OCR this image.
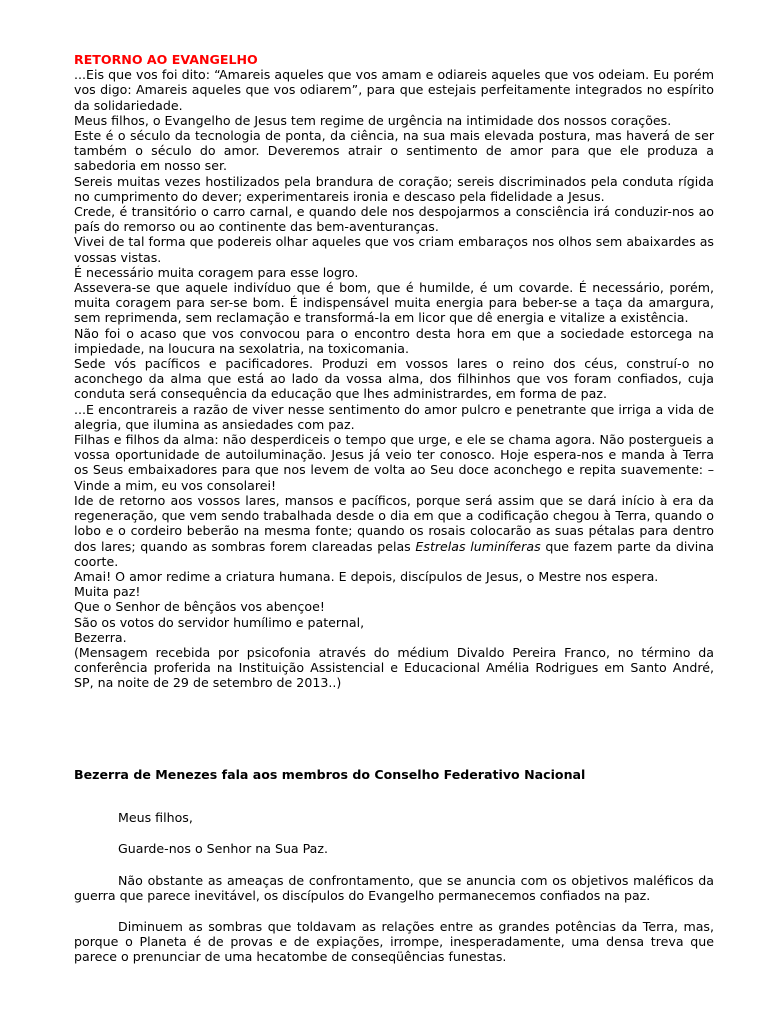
RETORNO AO EVANGELHO

...Eis que vos foi dito: “Amareis aqueles que vos amam e odiareis aqueles que vos odeiam. Eu porém vos digo: Amareis aqueles que vos odiarem”, para que estejais perfeitamente integrados no espírito da solidariedade.

Meus filhos, o Evangelho de Jesus tem regime de urgência na intimidade dos nossos corações.

Este é o século da tecnologia de ponta, da ciência, na sua mais elevada postura, mas haverá de ser também o século do amor. Deveremos atrair o sentimento de amor para que ele produza a sabedoria em nosso ser.

Sereis muitas vezes hostilizados pela brandura de coração; sereis discriminados pela conduta rígida no cumprimento do dever; experimentareis ironia e descaso pela fidelidade a Jesus.

Crede, é transitório o carro carnal, e quando dele nos despojarmos a consciência irá conduzir-nos ao país do remorso ou ao continente das bem-aventuranças.

Vivei de tal forma que podereis olhar aqueles que vos criam embaraços nos olhos sem abaixardes as vossas vistas.

É necessário muita coragem para esse logro.

Assevera-se que aquele indivíduo que é bom, que é humilde, é um covarde. É necessário, porém, muita coragem para ser-se bom. É indispensável muita energia para beber-se a taça da amargura, sem reprimenda, sem reclamação e transformá-la em licor que dê energia e vitalize a existência.

Não foi o acaso que vos convocou para o encontro desta hora em que a sociedade estorcega na impiedade, na loucura na sexolatria, na toxicomania.

Sede vós pacíficos e pacificadores. Produzi em vossos lares o reino dos céus, construí-o no aconchego da alma que está ao lado da vossa alma, dos filhinhos que vos foram confiados, cuja conduta será consequência da educação que lhes administrardes, em forma de paz.

...E encontrareis a razão de viver nesse sentimento do amor pulcro e penetrante que irriga a vida de alegria, que ilumina as ansiedades com paz.

Filhas e filhos da alma: não desperdiceis o tempo que urge, e ele se chama agora. Não postergueis a vossa oportunidade de autoiluminação. Jesus já veio ter conosco. Hoje espera-nos e manda à Terra os Seus embaixadores para que nos levem de volta ao Seu doce aconchego e repita suavemente: – Vinde a mim, eu vos consolarei!

Ide de retorno aos vossos lares, mansos e pacíficos, porque será assim que se dará início à era da regeneração, que vem sendo trabalhada desde o dia em que a codificação chegou à Terra, quando o lobo e o cordeiro beberão na mesma fonte; quando os rosais colocarão as suas pétalas para dentro dos lares; quando as sombras forem clareadas pelas Estrelas luminíferas que fazem parte da divina coorte.

Amai! O amor redime a criatura humana. E depois, discípulos de Jesus, o Mestre nos espera.

Muita paz!

Que o Senhor de bênçãos vos abençoe!

São os votos do servidor humílimo e paternal,

Bezerra.

(Mensagem recebida por psicofonia através do médium Divaldo Pereira Franco, no término da conferência proferida na Instituição Assistencial e Educacional Amélia Rodrigues em Santo André, SP, na noite de 29 de setembro de 2013..)

Bezerra de Menezes fala aos membros do Conselho Federativo Nacional

Meus filhos,

Guarde-nos o Senhor na Sua Paz.

Não obstante as ameaças de confrontamento, que se anuncia com os objetivos maléficos da guerra que parece inevitável, os discípulos do Evangelho permanecemos confiados na paz.

Diminuem as sombras que toldavam as relações entre as grandes potências da Terra, mas, porque o Planeta é de provas e de expiações, irrompe, inesperadamente, uma densa treva que parece o prenunciar de uma hecatombe de conseqüências funestas.
